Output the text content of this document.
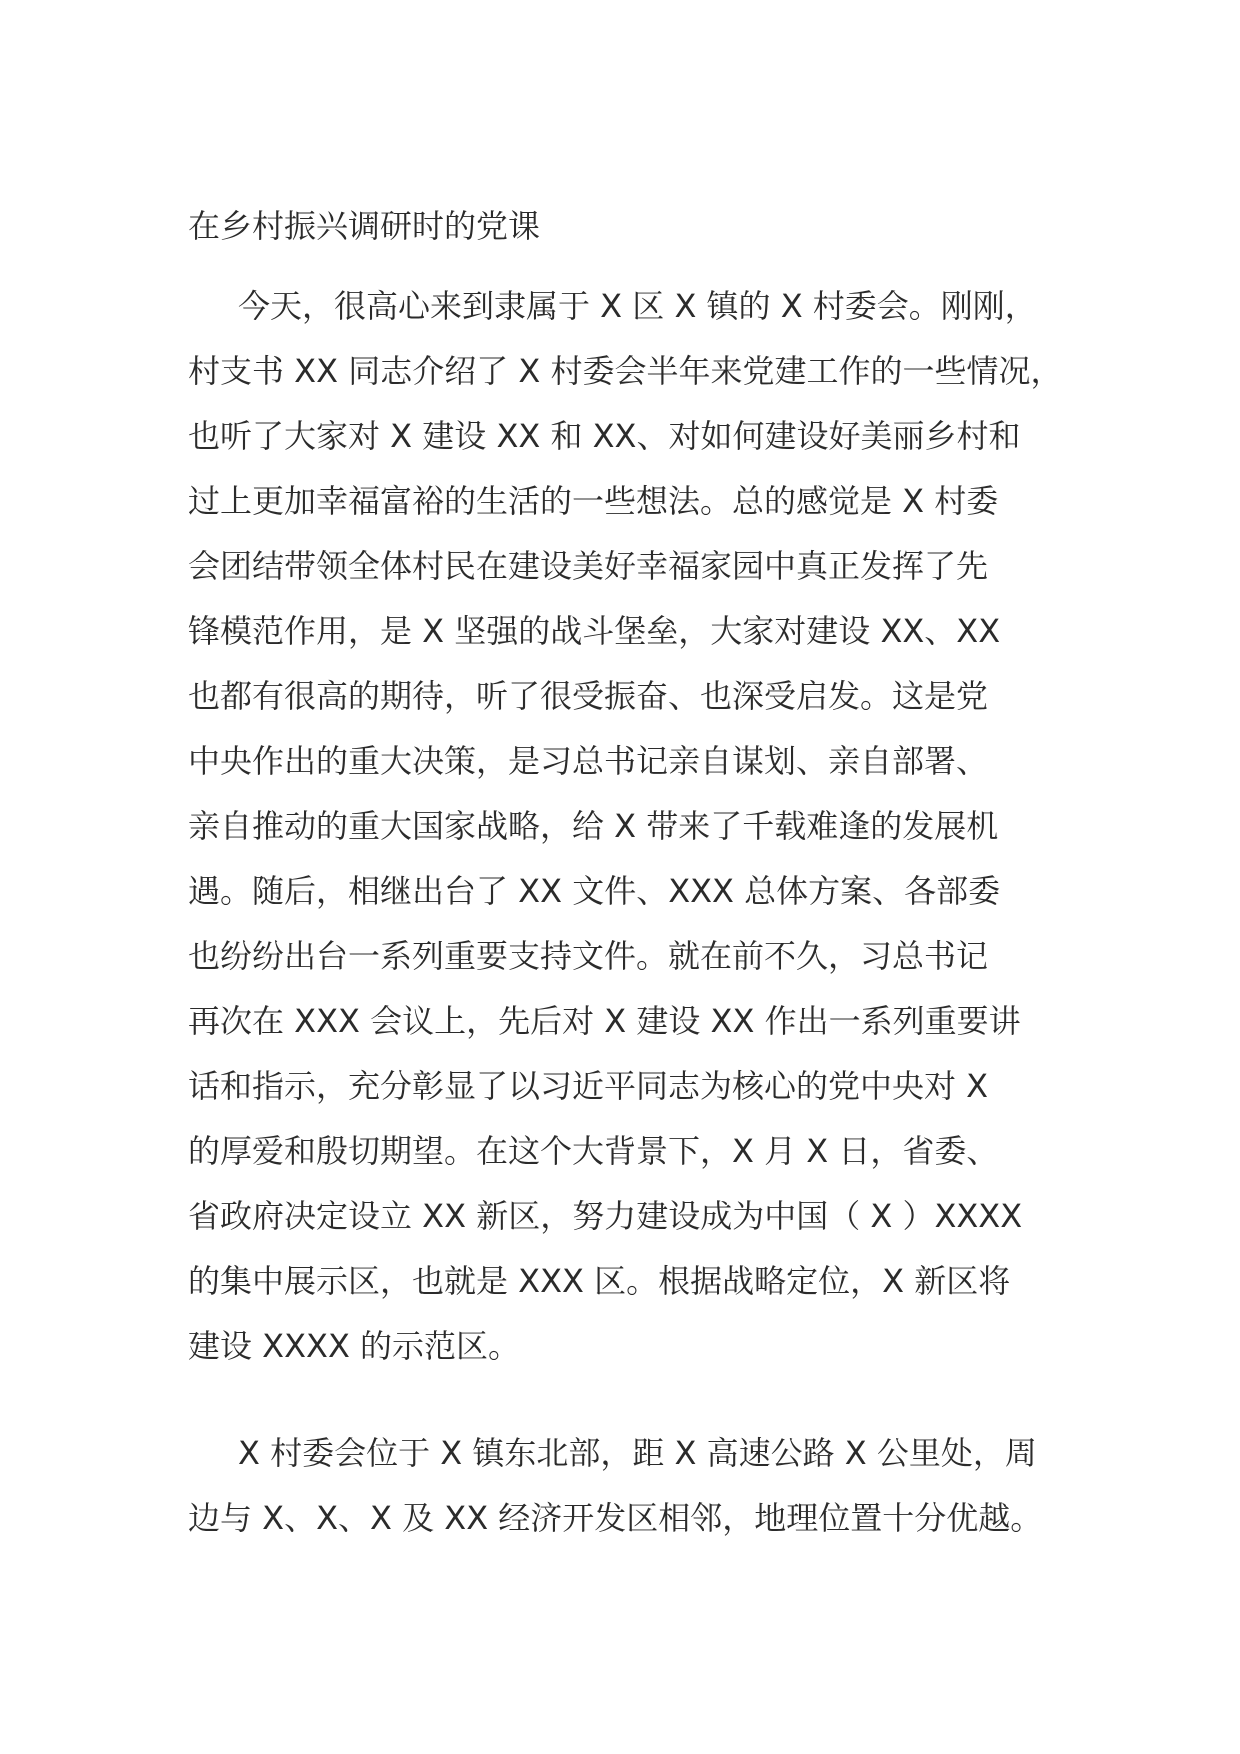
在乡村振兴调研时的党课
今天，很高心来到隶属于 X 区 X 镇的 X 村委会。刚刚，
村支书 XX 同志介绍了 X 村委会半年来党建工作的一些情况，
也听了大家对 X 建设 XX 和 XX、对如何建设好美丽乡村和
过上更加幸福富裕的生活的一些想法。总的感觉是 X 村委
会团结带领全体村民在建设美好幸福家园中真正发挥了先
锋模范作用，是 X 坚强的战斗堡垒，大家对建设 XX、XX
也都有很高的期待，听了很受振奋、也深受启发。这是党
中央作出的重大决策，是习总书记亲自谋划、亲自部署、
亲自推动的重大国家战略，给 X 带来了千载难逢的发展机
遇。随后，相继出台了 XX 文件、XXX 总体方案、各部委
也纷纷出台一系列重要支持文件。就在前不久，习总书记
再次在 XXX 会议上，先后对 X 建设 XX 作出一系列重要讲
话和指示，充分彰显了以习近平同志为核心的党中央对 X
的厚爱和殷切期望。在这个大背景下，X 月 X 日，省委、
省政府决定设立 XX 新区，努力建设成为中国（ X ）XXXX
的集中展示区，也就是 XXX 区。根据战略定位，X 新区将
建设 XXXX 的示范区。
X 村委会位于 X 镇东北部，距 X 高速公路 X 公里处，周
边与 X、X、X 及 XX 经济开发区相邻，地理位置十分优越。
